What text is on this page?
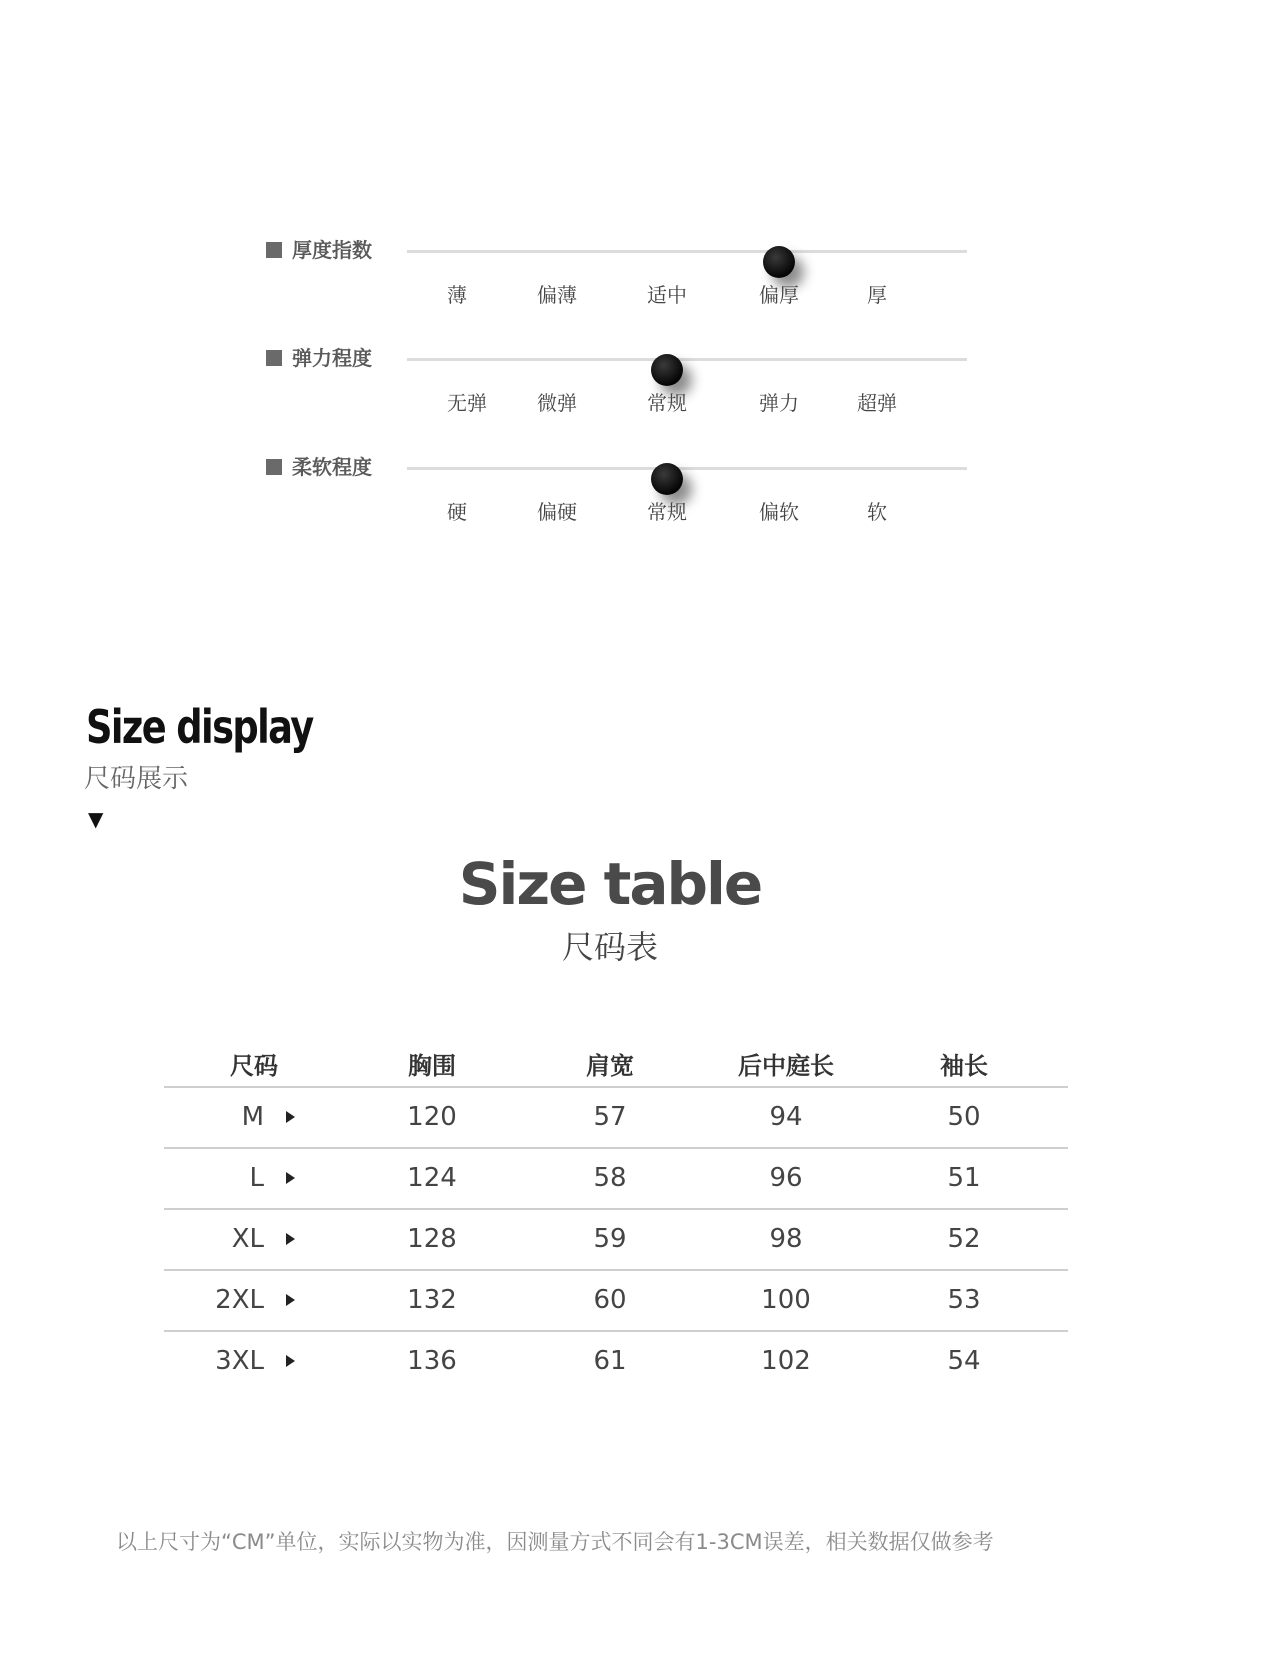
厚度指数
薄	偏薄	适中	偏厚	厚
弹力程度
无弹	微弹	常规	弹力	超弹
柔软程度
硬	偏硬	常规	偏软	软
Size display
尺码展示
▼
Size table
尺码表
尺码	胸围	肩宽	后中庭长	袖长
M	120	57	94	50
L	124	58	96	51
XL	128	59	98	52
2XL	132	60	100	53
3XL	136	61	102	54
以上尺寸为“CM”单位，实际以实物为准，因测量方式不同会有1-3CM误差，相关数据仅做参考
